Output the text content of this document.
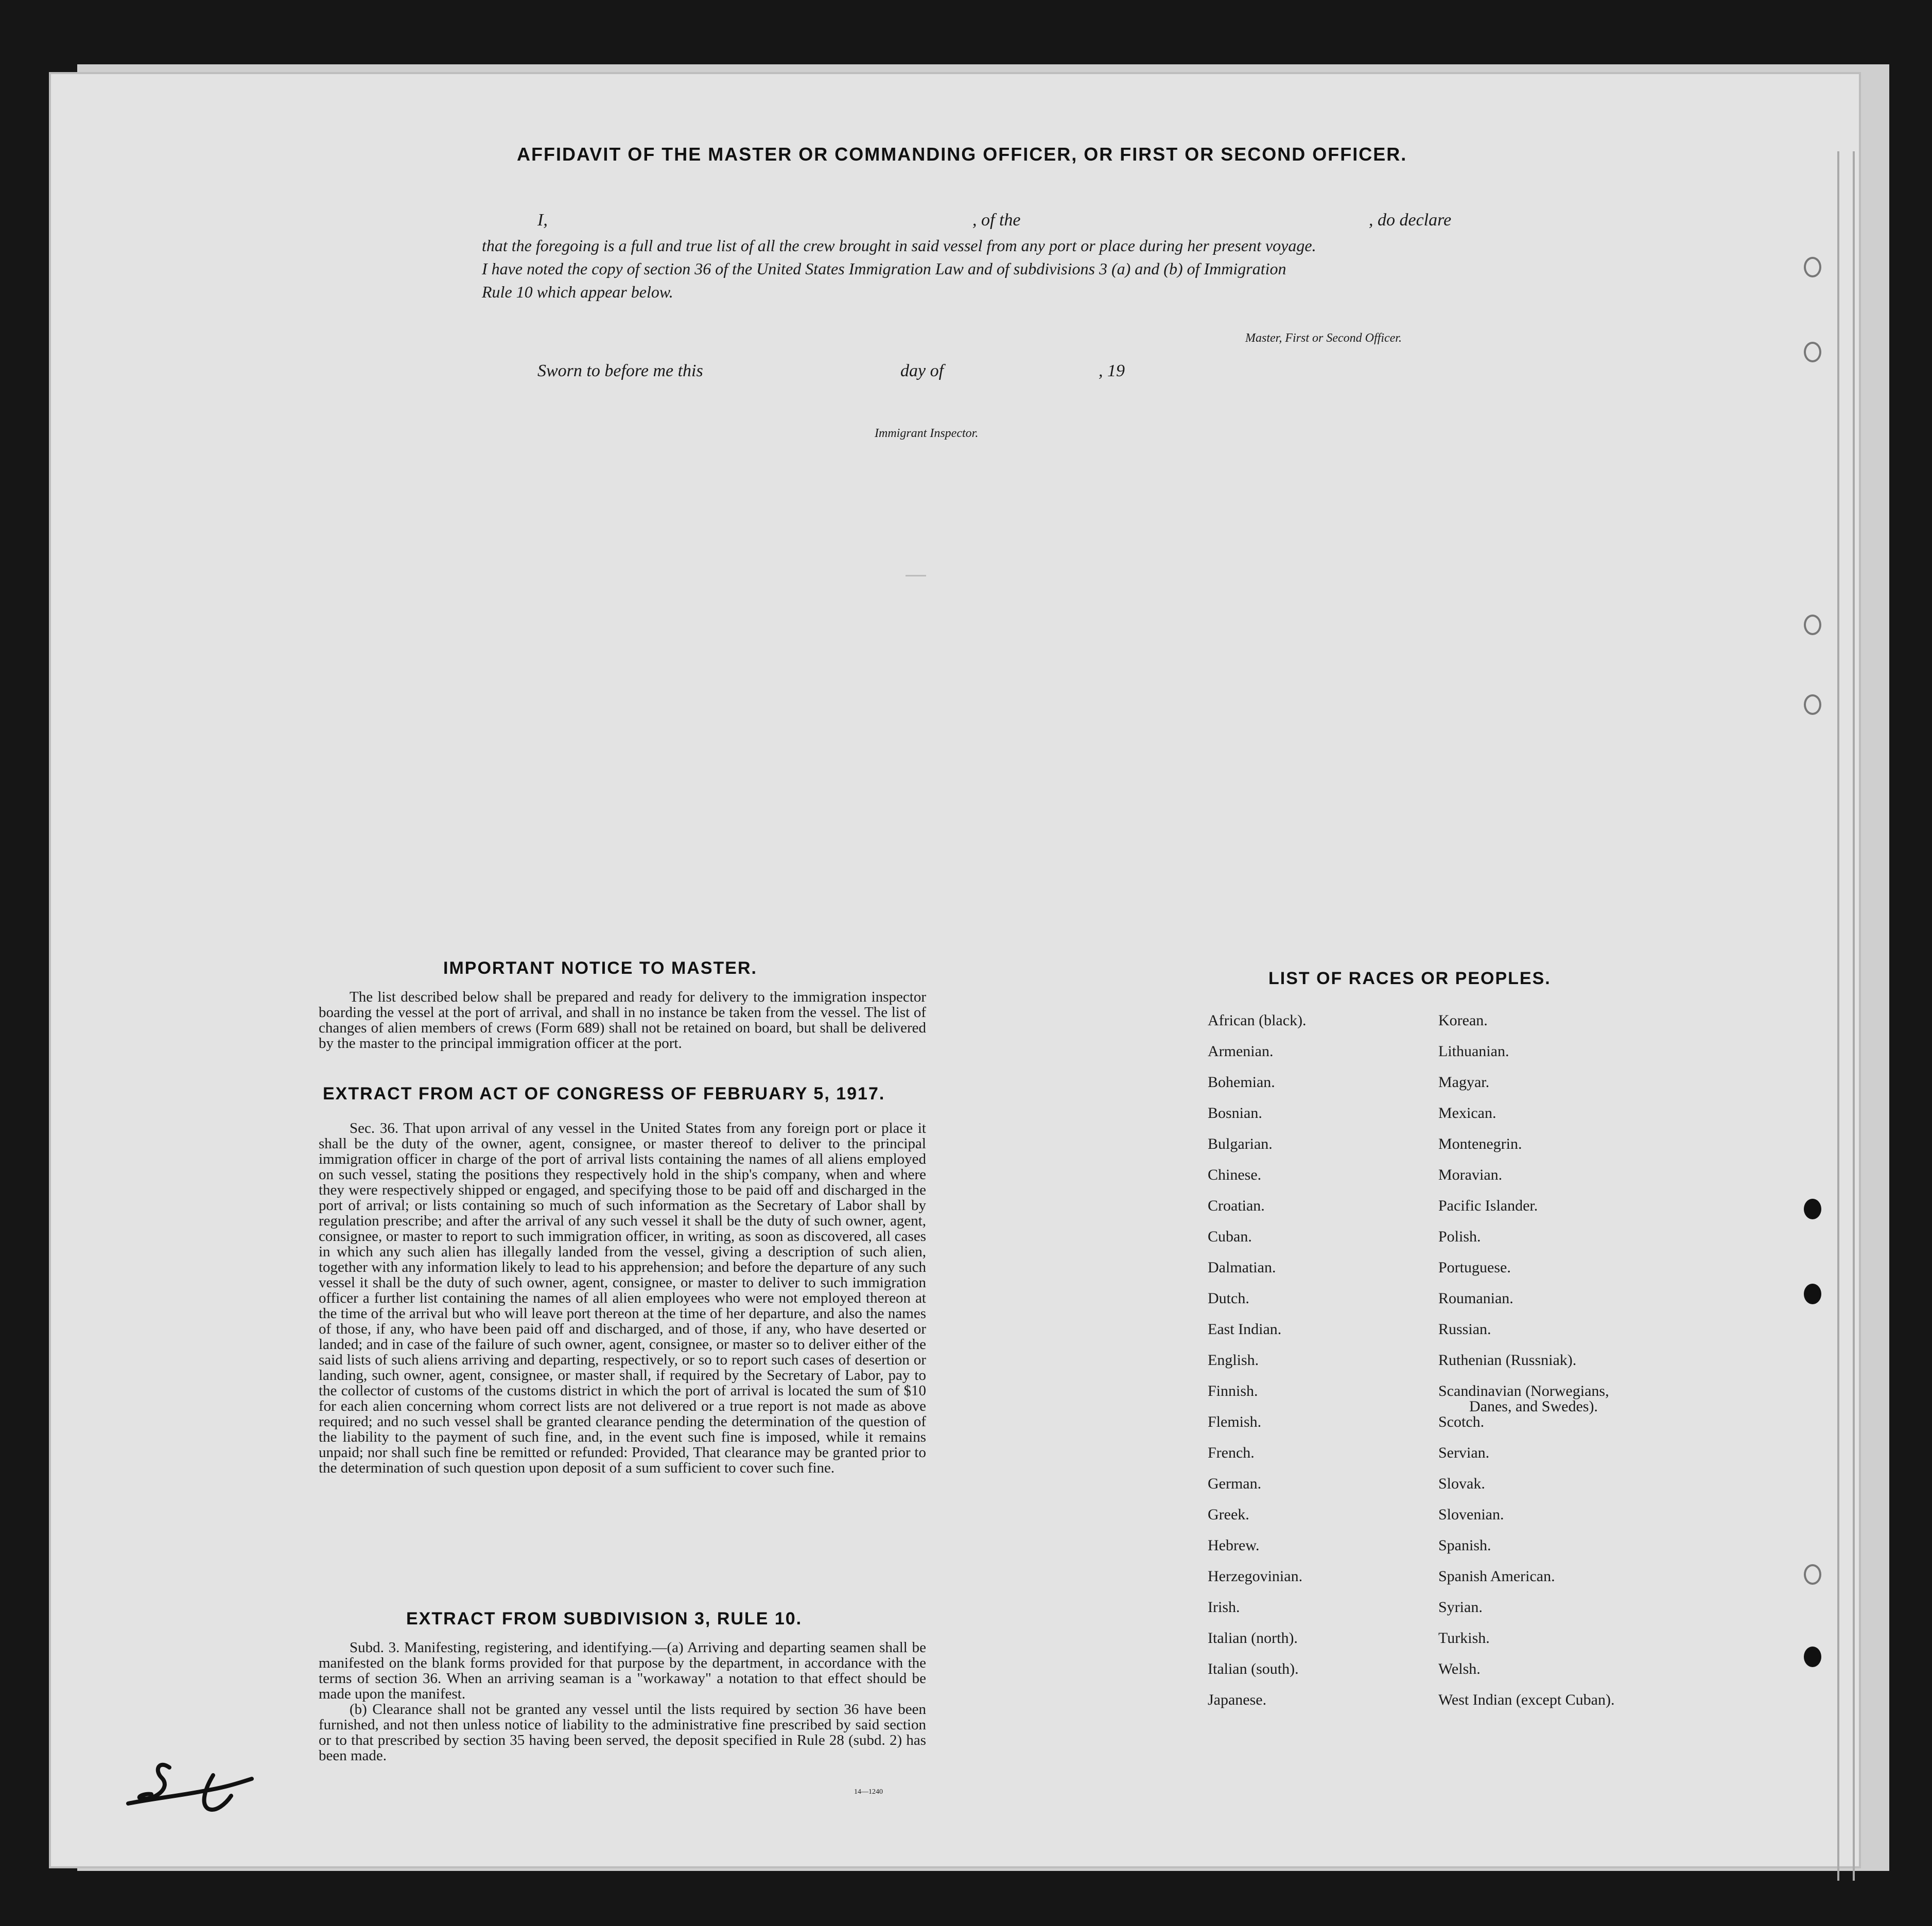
AFFIDAVIT OF THE MASTER OR COMMANDING OFFICER, OR FIRST OR SECOND OFFICER.
I,	, of the	, do declare
that the foregoing is a full and true list of all the crew brought in said vessel from any port or place during her present voyage.
I have noted the copy of section 36 of the United States Immigration Law and of subdivisions 3 (a) and (b) of Immigration
Rule 10 which appear below.
Master, First or Second Officer.
Sworn to before me this	day of	, 19
Immigrant Inspector.
IMPORTANT NOTICE TO MASTER.

The list described below shall be prepared and ready for delivery to the immigration inspector boarding the vessel at the port of arrival, and shall in no instance be taken from the vessel. The list of changes of alien members of crews (Form 689) shall not be retained on board, but shall be delivered by the master to the principal immigration officer at the port.

EXTRACT FROM ACT OF CONGRESS OF FEBRUARY 5, 1917.

Sec. 36. That upon arrival of any vessel in the United States from any foreign port or place it shall be the duty of the owner, agent, consignee, or master thereof to deliver to the principal immigration officer in charge of the port of arrival lists containing the names of all aliens employed on such vessel, stating the positions they respectively hold in the ship's company, when and where they were respectively shipped or engaged, and specifying those to be paid off and discharged in the port of arrival; or lists containing so much of such information as the Secretary of Labor shall by regulation prescribe; and after the arrival of any such vessel it shall be the duty of such owner, agent, consignee, or master to report to such immigration officer, in writing, as soon as discovered, all cases in which any such alien has illegally landed from the vessel, giving a description of such alien, together with any information likely to lead to his apprehension; and before the departure of any such vessel it shall be the duty of such owner, agent, consignee, or master to deliver to such immigration officer a further list containing the names of all alien employees who were not employed thereon at the time of the arrival but who will leave port thereon at the time of her departure, and also the names of those, if any, who have been paid off and discharged, and of those, if any, who have deserted or landed; and in case of the failure of such owner, agent, consignee, or master so to deliver either of the said lists of such aliens arriving and departing, respectively, or so to report such cases of desertion or landing, such owner, agent, consignee, or master shall, if required by the Secretary of Labor, pay to the collector of customs of the customs district in which the port of arrival is located the sum of $10 for each alien concerning whom correct lists are not delivered or a true report is not made as above required; and no such vessel shall be granted clearance pending the determination of the question of the liability to the payment of such fine, and, in the event such fine is imposed, while it remains unpaid; nor shall such fine be remitted or refunded: Provided, That clearance may be granted prior to the determination of such question upon deposit of a sum sufficient to cover such fine.

EXTRACT FROM SUBDIVISION 3, RULE 10.

Subd. 3. Manifesting, registering, and identifying.—(a) Arriving and departing seamen shall be manifested on the blank forms provided for that purpose by the department, in accordance with the terms of section 36. When an arriving seaman is a "workaway" a notation to that effect should be made upon the manifest.

(b) Clearance shall not be granted any vessel until the lists required by section 36 have been furnished, and not then unless notice of liability to the administrative fine prescribed by said section or to that prescribed by section 35 having been served, the deposit specified in Rule 28 (subd. 2) has been made.

14—1240
LIST OF RACES OR PEOPLES.
African (black).
Armenian.
Bohemian.
Bosnian.
Bulgarian.
Chinese.
Croatian.
Cuban.
Dalmatian.
Dutch.
East Indian.
English.
Finnish.
Flemish.
French.
German.
Greek.
Hebrew.
Herzegovinian.
Irish.
Italian (north).
Italian (south).
Japanese.
Korean.
Lithuanian.
Magyar.
Mexican.
Montenegrin.
Moravian.
Pacific Islander.
Polish.
Portuguese.
Roumanian.
Russian.
Ruthenian (Russniak).
Scandinavian (Norwegians,
Danes, and Swedes).
Scotch.
Servian.
Slovak.
Slovenian.
Spanish.
Spanish American.
Syrian.
Turkish.
Welsh.
West Indian (except Cuban).
